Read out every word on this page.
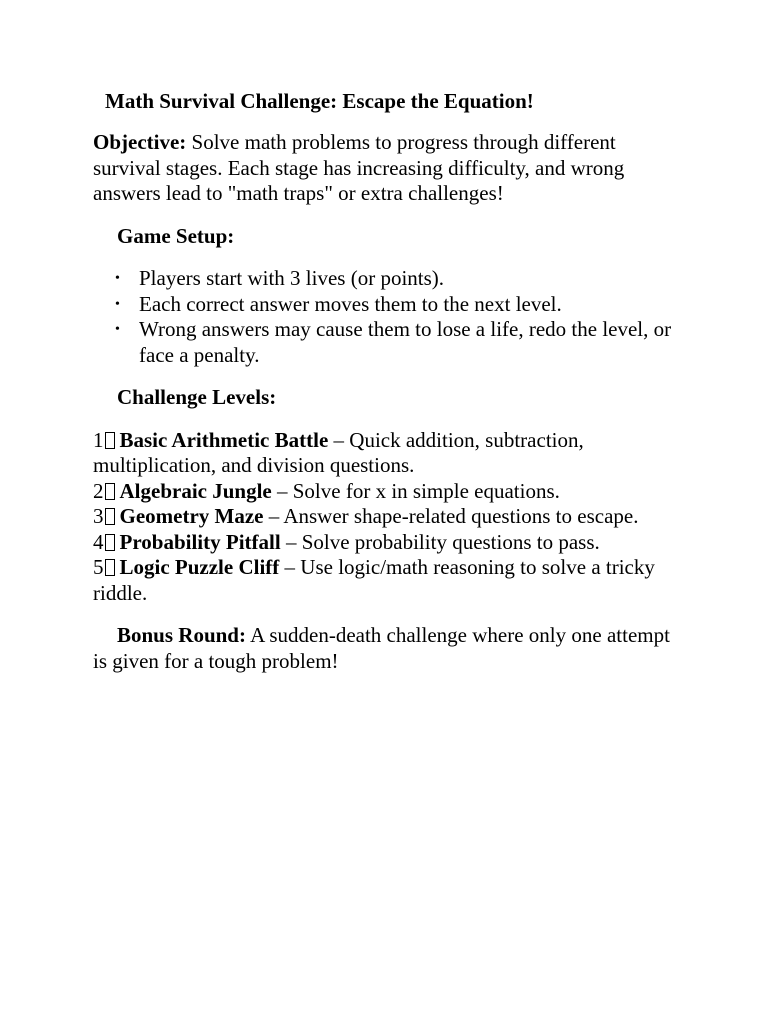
Math Survival Challenge: Escape the Equation!

Objective: Solve math problems to progress through different survival stages. Each stage has increasing difficulty, and wrong answers lead to "math traps" or extra challenges!

Game Setup:
• Players start with 3 lives (or points).
• Each correct answer moves them to the next level.
• Wrong answers may cause them to lose a life, redo the level, or face a penalty.
Challenge Levels:
1 Basic Arithmetic Battle – Quick addition, subtraction, multiplication, and division questions.
2 Algebraic Jungle – Solve for x in simple equations.
3 Geometry Maze – Answer shape-related questions to escape.
4 Probability Pitfall – Solve probability questions to pass.
5 Logic Puzzle Cliff – Use logic/math reasoning to solve a tricky riddle.

Bonus Round: A sudden-death challenge where only one attempt is given for a tough problem!
